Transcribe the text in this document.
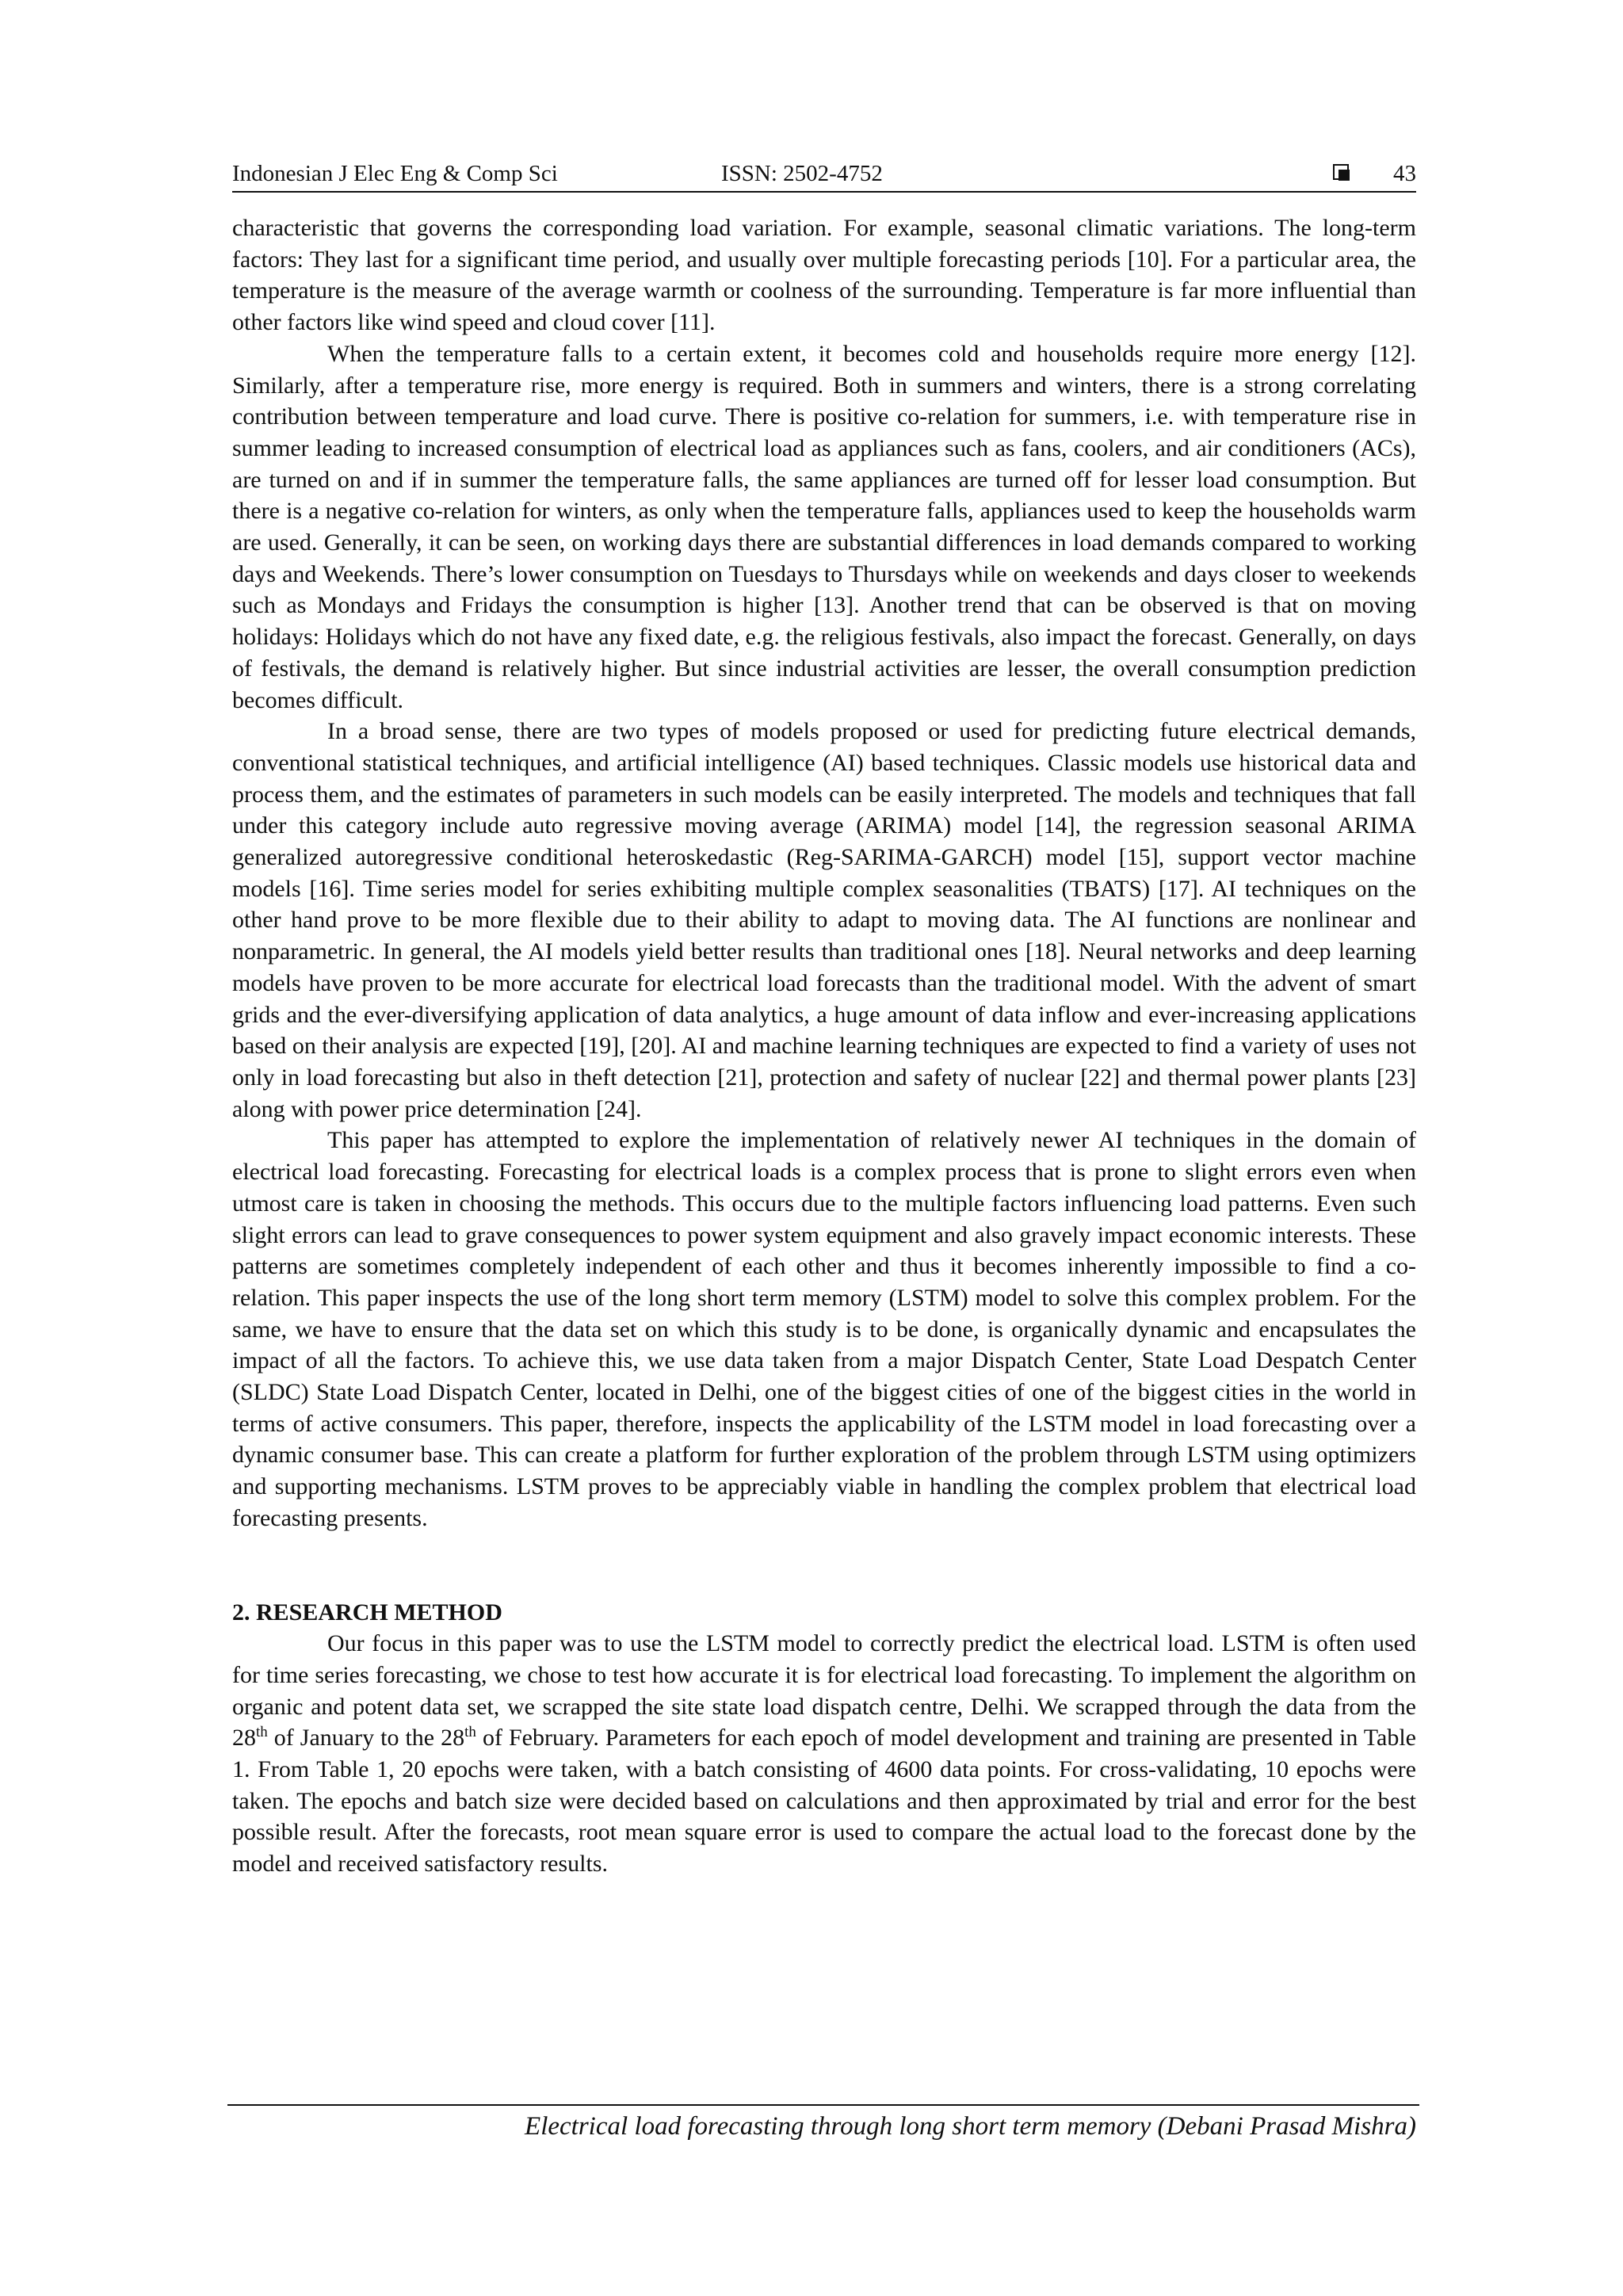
Indonesian J Elec Eng & Comp Sci	ISSN: 2502-4752	43

characteristic that governs the corresponding load variation. For example, seasonal climatic variations. The long-term factors: They last for a significant time period, and usually over multiple forecasting periods [10]. For a particular area, the temperature is the measure of the average warmth or coolness of the surrounding. Temperature is far more influential than other factors like wind speed and cloud cover [11].

When the temperature falls to a certain extent, it becomes cold and households require more energy [12]. Similarly, after a temperature rise, more energy is required. Both in summers and winters, there is a strong correlating contribution between temperature and load curve. There is positive co-relation for summers, i.e. with temperature rise in summer leading to increased consumption of electrical load as appliances such as fans, coolers, and air conditioners (ACs), are turned on and if in summer the temperature falls, the same appliances are turned off for lesser load consumption. But there is a negative co-relation for winters, as only when the temperature falls, appliances used to keep the households warm are used. Generally, it can be seen, on working days there are substantial differences in load demands compared to working days and Weekends. There’s lower consumption on Tuesdays to Thursdays while on weekends and days closer to weekends such as Mondays and Fridays the consumption is higher [13]. Another trend that can be observed is that on moving holidays: Holidays which do not have any fixed date, e.g. the religious festivals, also impact the forecast. Generally, on days of festivals, the demand is relatively higher. But since industrial activities are lesser, the overall consumption prediction becomes difficult.

In a broad sense, there are two types of models proposed or used for predicting future electrical demands, conventional statistical techniques, and artificial intelligence (AI) based techniques. Classic models use historical data and process them, and the estimates of parameters in such models can be easily interpreted. The models and techniques that fall under this category include auto regressive moving average (ARIMA) model [14], the regression seasonal ARIMA generalized autoregressive conditional heteroskedastic (Reg-SARIMA-GARCH) model [15], support vector machine models [16]. Time series model for series exhibiting multiple complex seasonalities (TBATS) [17]. AI techniques on the other hand prove to be more flexible due to their ability to adapt to moving data. The AI functions are nonlinear and nonparametric. In general, the AI models yield better results than traditional ones [18]. Neural networks and deep learning models have proven to be more accurate for electrical load forecasts than the traditional model. With the advent of smart grids and the ever-diversifying application of data analytics, a huge amount of data inflow and ever-increasing applications based on their analysis are expected [19], [20]. AI and machine learning techniques are expected to find a variety of uses not only in load forecasting but also in theft detection [21], protection and safety of nuclear [22] and thermal power plants [23] along with power price determination [24].

This paper has attempted to explore the implementation of relatively newer AI techniques in the domain of electrical load forecasting. Forecasting for electrical loads is a complex process that is prone to slight errors even when utmost care is taken in choosing the methods. This occurs due to the multiple factors influencing load patterns. Even such slight errors can lead to grave consequences to power system equipment and also gravely impact economic interests. These patterns are sometimes completely independent of each other and thus it becomes inherently impossible to find a co-relation. This paper inspects the use of the long short term memory (LSTM) model to solve this complex problem. For the same, we have to ensure that the data set on which this study is to be done, is organically dynamic and encapsulates the impact of all the factors. To achieve this, we use data taken from a major Dispatch Center, State Load Despatch Center (SLDC) State Load Dispatch Center, located in Delhi, one of the biggest cities of one of the biggest cities in the world in terms of active consumers. This paper, therefore, inspects the applicability of the LSTM model in load forecasting over a dynamic consumer base. This can create a platform for further exploration of the problem through LSTM using optimizers and supporting mechanisms. LSTM proves to be appreciably viable in handling the complex problem that electrical load forecasting presents.

2. RESEARCH METHOD

Our focus in this paper was to use the LSTM model to correctly predict the electrical load. LSTM is often used for time series forecasting, we chose to test how accurate it is for electrical load forecasting. To implement the algorithm on organic and potent data set, we scrapped the site state load dispatch centre, Delhi. We scrapped through the data from the 28th of January to the 28th of February. Parameters for each epoch of model development and training are presented in Table 1. From Table 1, 20 epochs were taken, with a batch consisting of 4600 data points. For cross-validating, 10 epochs were taken. The epochs and batch size were decided based on calculations and then approximated by trial and error for the best possible result. After the forecasts, root mean square error is used to compare the actual load to the forecast done by the model and received satisfactory results.

Electrical load forecasting through long short term memory (Debani Prasad Mishra)
